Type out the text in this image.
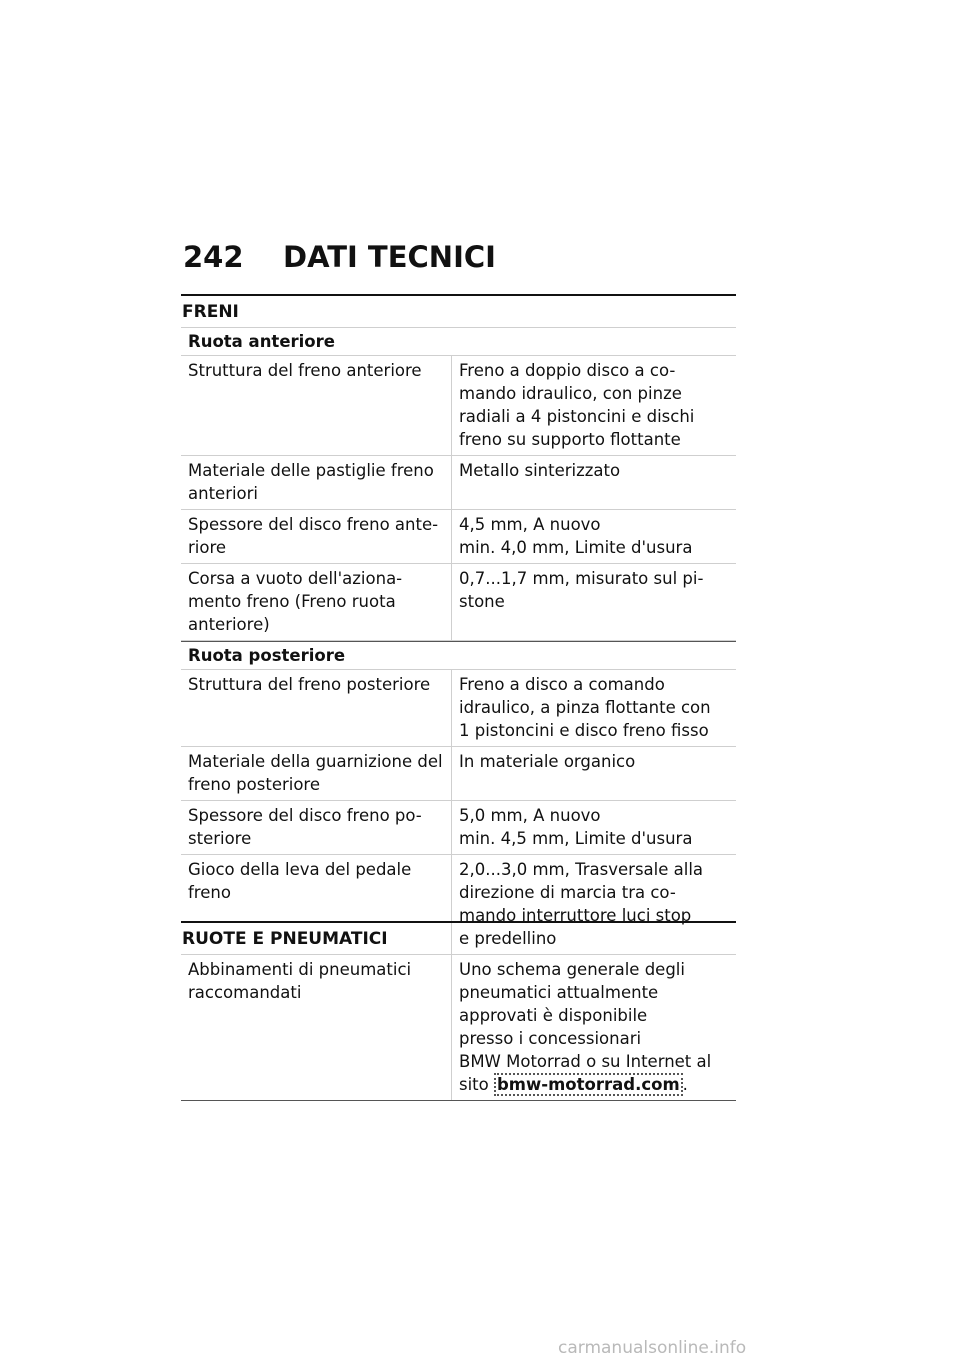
242 DATI TECNICI
FRENI
Ruota anteriore
Struttura del freno anteriore	Freno a doppio disco a co-
mando idraulico, con pinze
radiali a 4 pistoncini e dischi
freno su supporto flottante
Materiale delle pastiglie freno
anteriori
Metallo sinterizzato
Spessore del disco freno ante-
riore
4,5 mm, A nuovo
min. 4,0 mm, Limite d'usura
Corsa a vuoto dell'aziona-
mento freno (Freno ruota
anteriore)
0,7...1,7 mm, misurato sul pi-
stone
Ruota posteriore
Struttura del freno posteriore	Freno a disco a comando
idraulico, a pinza flottante con
1 pistoncini e disco freno fisso
Materiale della guarnizione del
freno posteriore
In materiale organico
Spessore del disco freno po-
steriore
5,0 mm, A nuovo
min. 4,5 mm, Limite d'usura
Gioco della leva del pedale
freno
2,0...3,0 mm, Trasversale alla
direzione di marcia tra co-
mando interruttore luci stop
e predellino
RUOTE E PNEUMATICI
Abbinamenti di pneumatici
raccomandati
Uno schema generale degli
pneumatici attualmente
approvati è disponibile
presso i concessionari
BMW Motorrad o su Internet al
sito bmw-motorrad.com .
carmanualsonline.info
